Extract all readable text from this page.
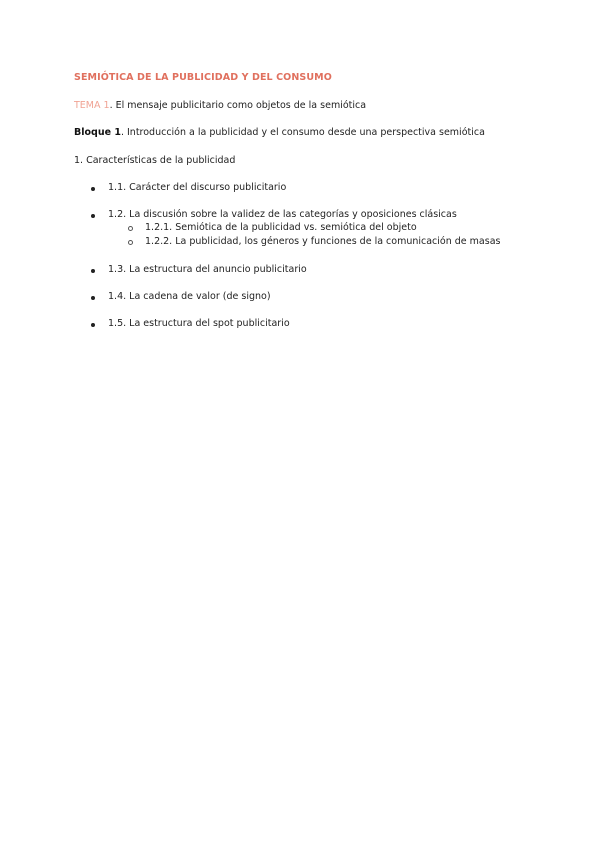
SEMIÓTICA DE LA PUBLICIDAD Y DEL CONSUMO
TEMA 1. El mensaje publicitario como objetos de la semiótica
Bloque 1. Introducción a la publicidad y el consumo desde una perspectiva semiótica
1. Características de la publicidad
1.1. Carácter del discurso publicitario
1.2. La discusión sobre la validez de las categorías y oposiciones clásicas
1.2.1. Semiótica de la publicidad vs. semiótica del objeto
1.2.2. La publicidad, los géneros y funciones de la comunicación de masas
1.3. La estructura del anuncio publicitario
1.4. La cadena de valor (de signo)
1.5. La estructura del spot publicitario
